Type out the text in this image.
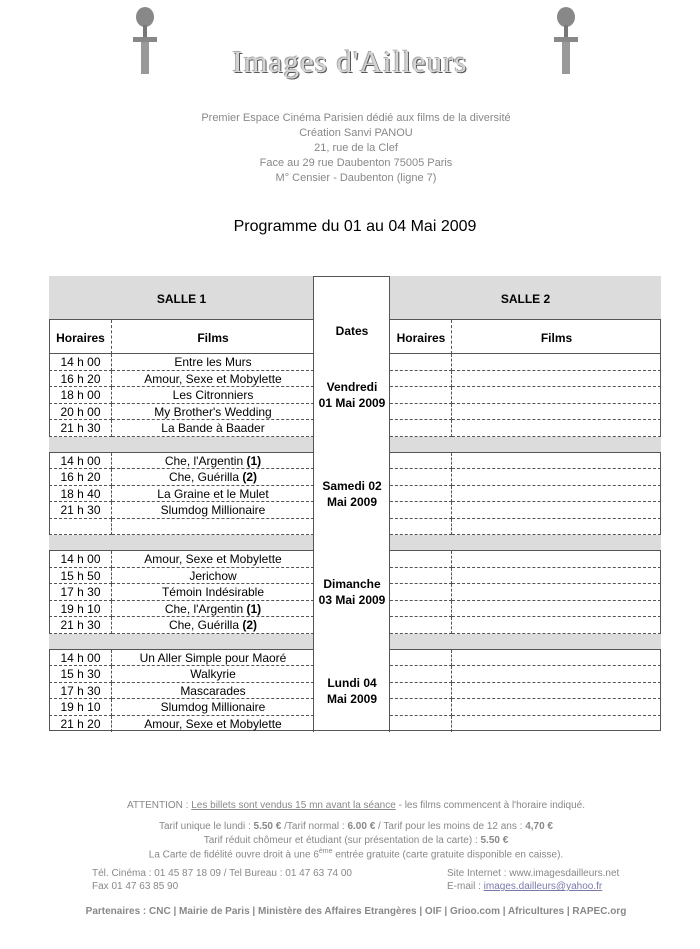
Images d'Ailleurs
Premier Espace Cinéma Parisien dédié aux films de la diversité
Création Sanvi PANOU
21, rue de la Clef
Face au 29 rue Daubenton 75005 Paris
M° Censier - Daubenton (ligne 7)
Programme du 01 au 04 Mai 2009
SALLE 1	SALLE 2
Dates
Horaires	Films	Horaires	Films
Vendredi
01 Mai 2009
14 h 00	Entre les Murs
16 h 20	Amour, Sexe et Mobylette
18 h 00	Les Citronniers
20 h 00	My Brother's Wedding
21 h 30	La Bande à Baader
Samedi 02
Mai 2009
14 h 00	Che, l'Argentin (1)
16 h 20	Che, Guérilla (2)
18 h 40	La Graine et le Mulet
21 h 30	Slumdog Millionaire
Dimanche
03 Mai 2009
14 h 00	Amour, Sexe et Mobylette
15 h 50	Jerichow
17 h 30	Témoin Indésirable
19 h 10	Che, l'Argentin (1)
21 h 30	Che, Guérilla (2)
Lundi 04
Mai 2009
14 h 00	Un Aller Simple pour Maoré
15 h 30	Walkyrie
17 h 30	Mascarades
19 h 10	Slumdog Millionaire
21 h 20	Amour, Sexe et Mobylette
ATTENTION : Les billets sont vendus 15 mn avant la séance - les films commencent à l'horaire indiqué.
Tarif unique le lundi : 5.50 € /Tarif normal : 6.00 € / Tarif pour les moins de 12 ans : 4,70 €
Tarif réduit chômeur et étudiant (sur présentation de la carte) : 5.50 €
La Carte de fidélité ouvre droit à une 6ème entrée gratuite (carte gratuite disponible en caisse).
Tél. Cinéma : 01 45 87 18 09 / Tel Bureau : 01 47 63 74 00
Fax 01 47 63 85 90
Site Internet : www.imagesdailleurs.net
E-mail : images.dailleurs@yahoo.fr
Partenaires : CNC | Mairie de Paris | Ministère des Affaires Etrangères | OIF | Grioo.com | Africultures | RAPEC.org
